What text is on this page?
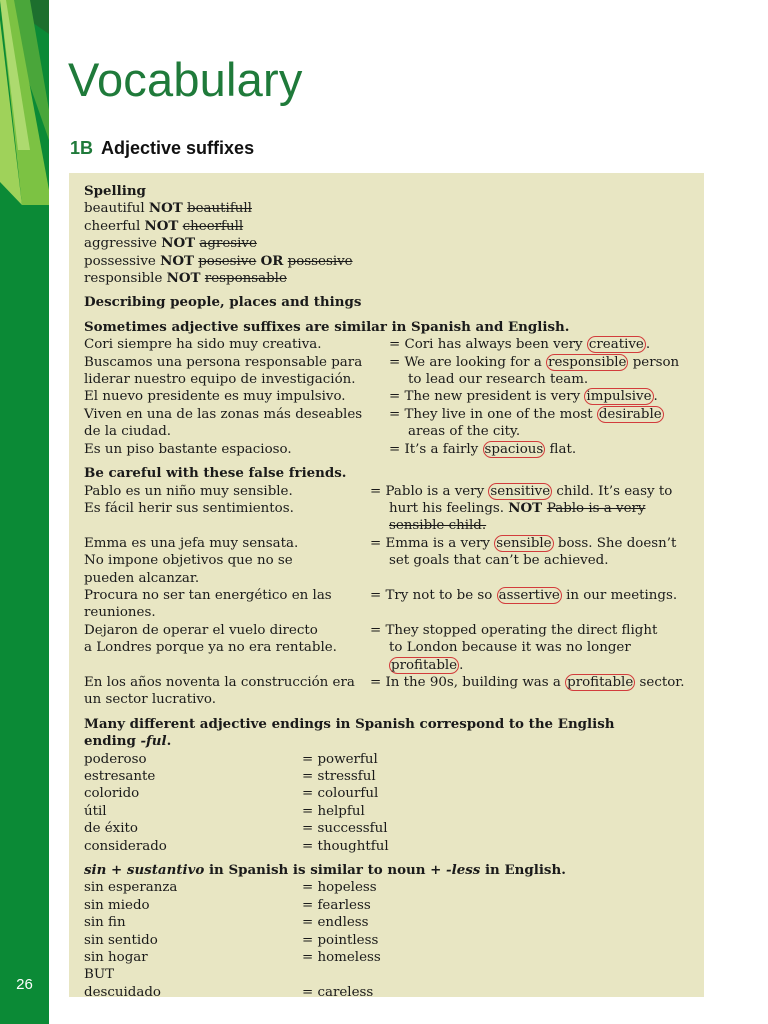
26
Vocabulary
1B Adjective suffixes
Spelling
beautiful NOT beautifull
cheerful NOT cheerfull
aggressive NOT agresive
possessive NOT posesive OR possesive
responsible NOT responsable
Describing people, places and things
Sometimes adjective suffixes are similar in Spanish and English.
Cori siempre ha sido muy creativa.	= Cori has always been very creative .
Buscamos una persona responsable para	= We are looking for a responsible person
liderar nuestro equipo de investigación.	to lead our research team.
El nuevo presidente es muy impulsivo.	= The new president is very impulsive .
Viven en una de las zonas más deseables	= They live in one of the most desirable
de la ciudad.	areas of the city.
Es un piso bastante espacioso.	= It’s a fairly spacious flat.
Be careful with these false friends.
Pablo es un niño muy sensible.	= Pablo is a very sensitive child. It’s easy to
Es fácil herir sus sentimientos.	hurt his feelings. NOT Pablo is a very
sensible child.
Emma es una jefa muy sensata.	= Emma is a very sensible boss. She doesn’t
No impone objetivos que no se	set goals that can’t be achieved.
pueden alcanzar.
Procura no ser tan energético en las	= Try not to be so assertive in our meetings.
reuniones.
Dejaron de operar el vuelo directo	= They stopped operating the direct flight
a Londres porque ya no era rentable.	to London because it was no longer
profitable .
En los años noventa la construcción era	= In the 90s, building was a profitable sector.
un sector lucrativo.
Many different adjective endings in Spanish correspond to the English
ending -ful.
poderoso	= powerful
estresante	= stressful
colorido	= colourful
útil	= helpful
de éxito	= successful
considerado	= thoughtful
sin + sustantivo in Spanish is similar to noun + -less in English.
sin esperanza	= hopeless
sin miedo	= fearless
sin fin	= endless
sin sentido	= pointless
sin hogar	= homeless
BUT
descuidado	= careless
